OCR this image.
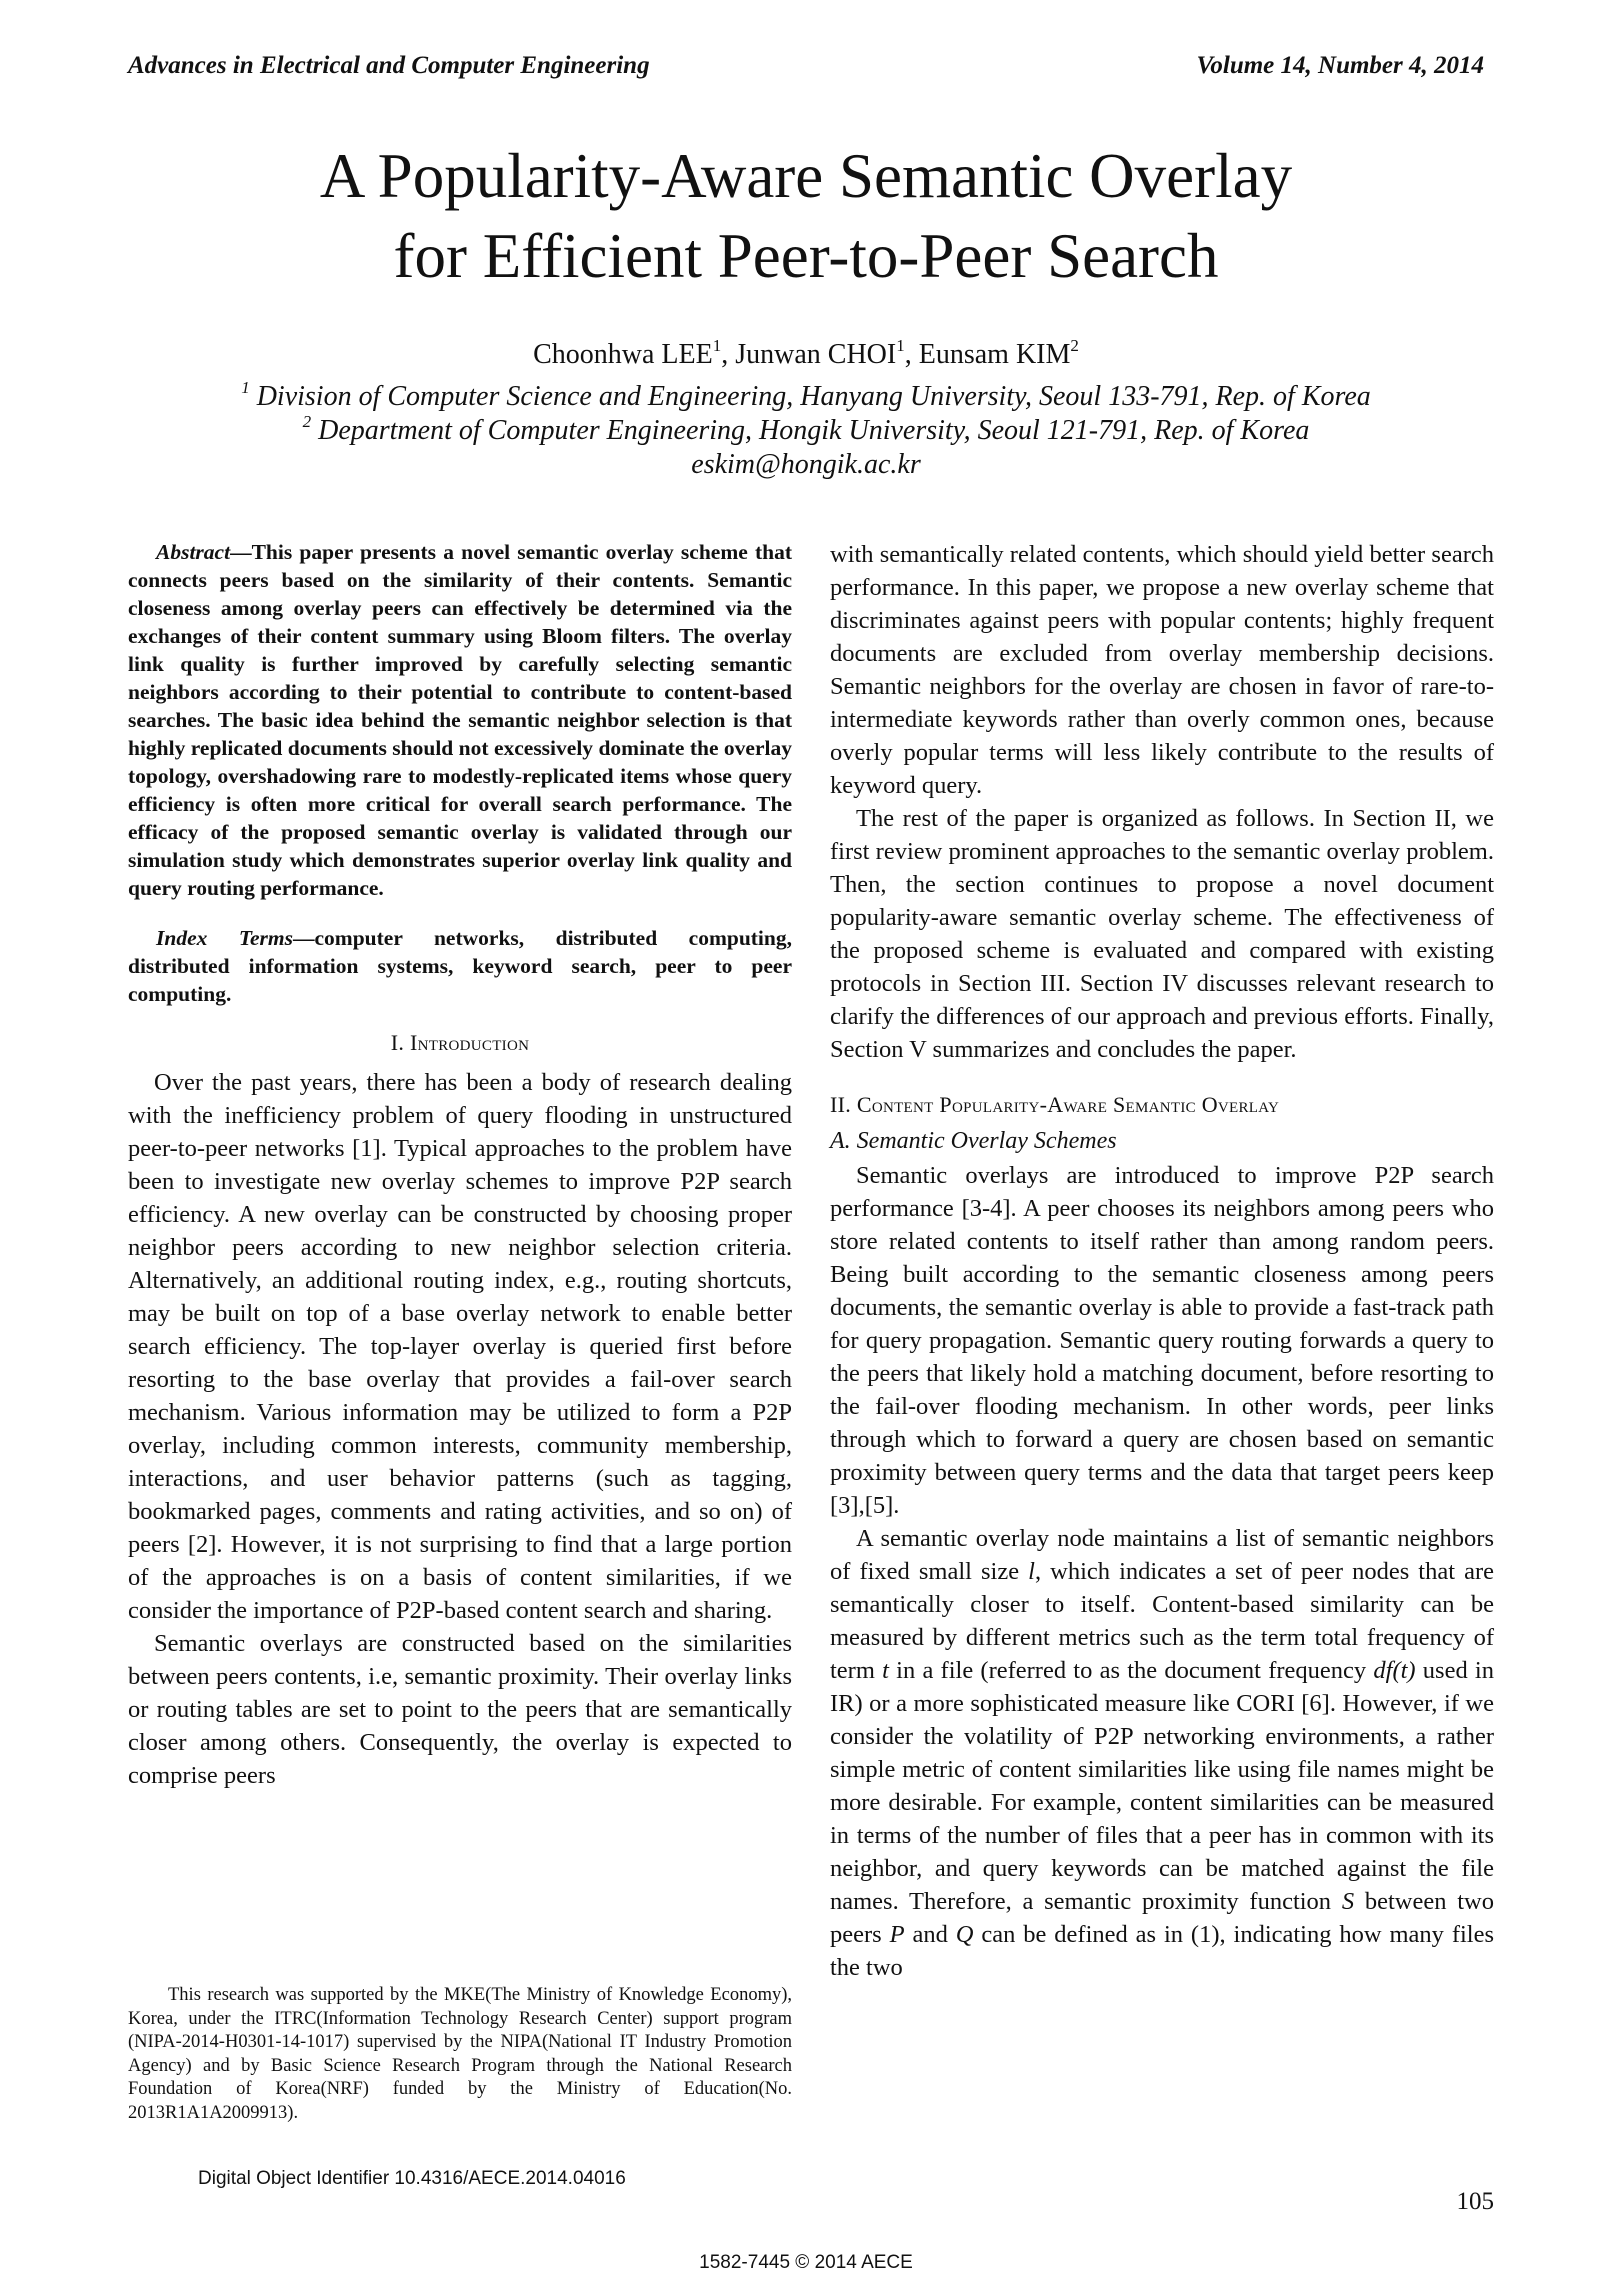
Advances in Electrical and Computer Engineering	Volume 14, Number 4, 2014
A Popularity-Aware Semantic Overlay
for Efficient Peer-to-Peer Search
Choonhwa LEE$^1$, Junwan CHOI$^1$, Eunsam KIM$^2$
$^1$ Division of Computer Science and Engineering, Hanyang University, Seoul 133-791, Rep. of Korea
$^2$ Department of Computer Engineering, Hongik University, Seoul 121-791, Rep. of Korea
eskim@hongik.ac.kr

Abstract—This paper presents a novel semantic overlay scheme that connects peers based on the similarity of their contents. Semantic closeness among overlay peers can effectively be determined via the exchanges of their content summary using Bloom filters. The overlay link quality is further improved by carefully selecting semantic neighbors according to their potential to contribute to content-based searches. The basic idea behind the semantic neighbor selection is that highly replicated documents should not excessively dominate the overlay topology, overshadowing rare to modestly-replicated items whose query efficiency is often more critical for overall search performance. The efficacy of the proposed semantic overlay is validated through our simulation study which demonstrates superior overlay link quality and query routing performance.

Index Terms—computer networks, distributed computing, distributed information systems, keyword search, peer to peer computing.

I. Introduction

Over the past years, there has been a body of research dealing with the inefficiency problem of query flooding in unstructured peer-to-peer networks [1]. Typical approaches to the problem have been to investigate new overlay schemes to improve P2P search efficiency. A new overlay can be constructed by choosing proper neighbor peers according to new neighbor selection criteria. Alternatively, an additional routing index, e.g., routing shortcuts, may be built on top of a base overlay network to enable better search efficiency. The top-layer overlay is queried first before resorting to the base overlay that provides a fail-over search mechanism. Various information may be utilized to form a P2P overlay, including common interests, community membership, interactions, and user behavior patterns (such as tagging, bookmarked pages, comments and rating activities, and so on) of peers [2]. However, it is not surprising to find that a large portion of the approaches is on a basis of content similarities, if we consider the importance of P2P-based content search and sharing.

Semantic overlays are constructed based on the similarities between peers contents, i.e, semantic proximity. Their overlay links or routing tables are set to point to the peers that are semantically closer among others. Consequently, the overlay is expected to comprise peers

with semantically related contents, which should yield better search performance. In this paper, we propose a new overlay scheme that discriminates against peers with popular contents; highly frequent documents are excluded from overlay membership decisions. Semantic neighbors for the overlay are chosen in favor of rare-to-intermediate keywords rather than overly common ones, because overly popular terms will less likely contribute to the results of keyword query.

The rest of the paper is organized as follows. In Section II, we first review prominent approaches to the semantic overlay problem. Then, the section continues to propose a novel document popularity-aware semantic overlay scheme. The effectiveness of the proposed scheme is evaluated and compared with existing protocols in Section III. Section IV discusses relevant research to clarify the differences of our approach and previous efforts. Finally, Section V summarizes and concludes the paper.

II. Content Popularity-Aware Semantic Overlay
A. Semantic Overlay Schemes

Semantic overlays are introduced to improve P2P search performance [3-4]. A peer chooses its neighbors among peers who store related contents to itself rather than among random peers. Being built according to the semantic closeness among peers documents, the semantic overlay is able to provide a fast-track path for query propagation. Semantic query routing forwards a query to the peers that likely hold a matching document, before resorting to the fail-over flooding mechanism. In other words, peer links through which to forward a query are chosen based on semantic proximity between query terms and the data that target peers keep [3],[5].

A semantic overlay node maintains a list of semantic neighbors of fixed small size l, which indicates a set of peer nodes that are semantically closer to itself. Content-based similarity can be measured by different metrics such as the term total frequency of term t in a file (referred to as the document frequency df(t) used in IR) or a more sophisticated measure like CORI [6]. However, if we consider the volatility of P2P networking environments, a rather simple metric of content similarities like using file names might be more desirable. For example, content similarities can be measured in terms of the number of files that a peer has in common with its neighbor, and query keywords can be matched against the file names. Therefore, a semantic proximity function S between two peers P and Q can be defined as in (1), indicating how many files the two

This research was supported by the MKE(The Ministry of Knowledge Economy), Korea, under the ITRC(Information Technology Research Center) support program (NIPA-2014-H0301-14-1017) supervised by the NIPA(National IT Industry Promotion Agency) and by Basic Science Research Program through the National Research Foundation of Korea(NRF) funded by the Ministry of Education(No. 2013R1A1A2009913).

Digital Object Identifier 10.4316/AECE.2014.04016
105
1582-7445 © 2014 AECE
